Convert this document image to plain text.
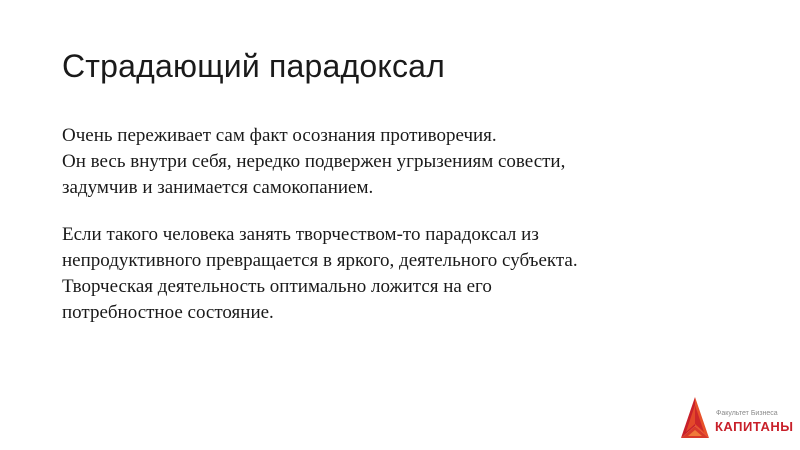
Страдающий парадоксал

Очень переживает сам факт осознания противоречия.
Он весь внутри себя, нередко подвержен угрызениям совести,
задумчив и занимается самокопанием.

Если такого человека занять творчеством-то парадоксал из
непродуктивного превращается в яркого, деятельного субъекта.
Творческая деятельность оптимально ложится на его
потребностное состояние.

Факультет Бизнеса
КАПИТАНЫ
